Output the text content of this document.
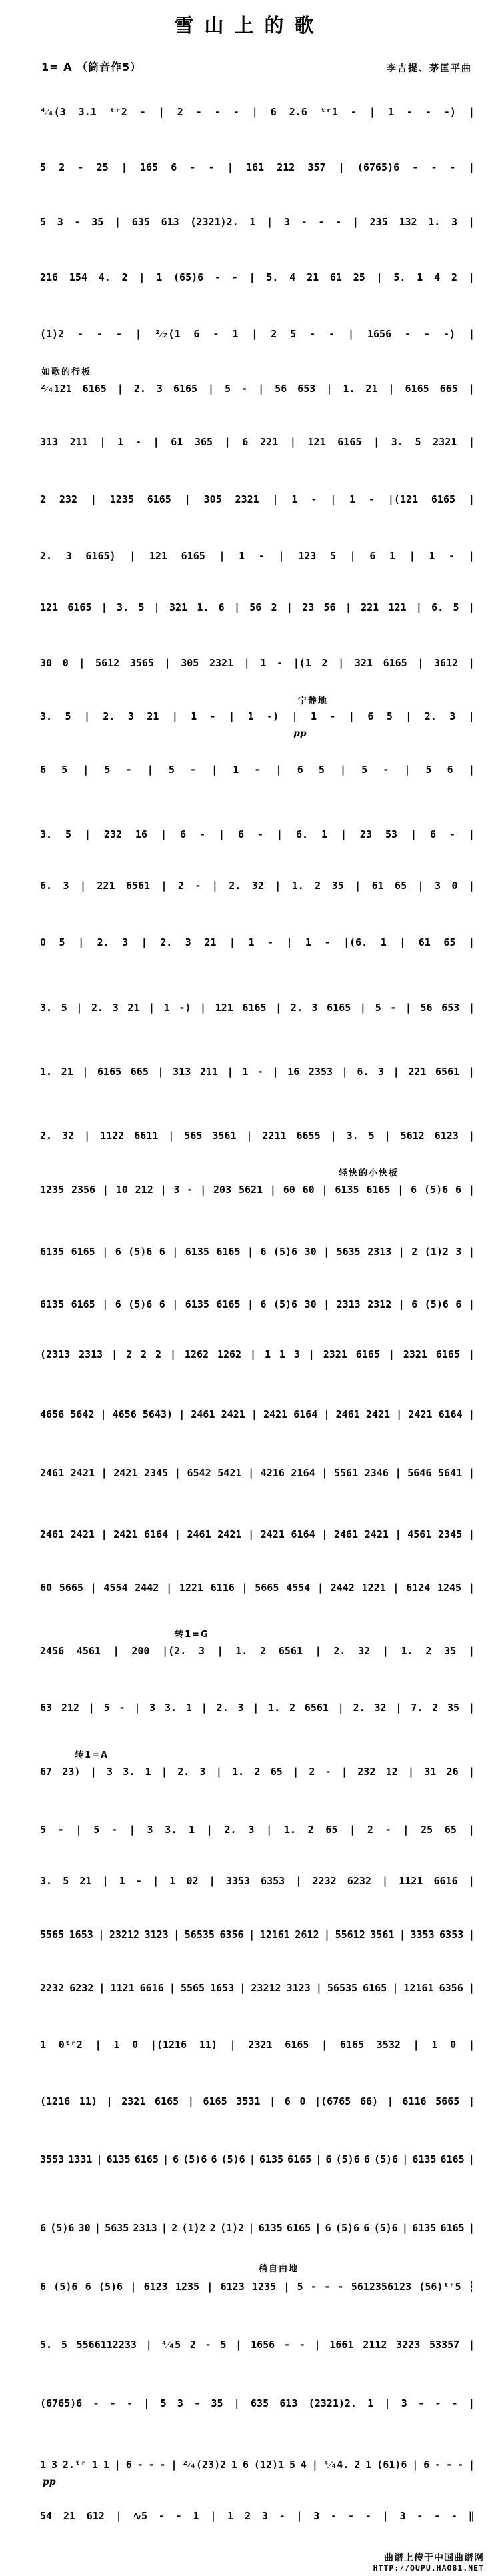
雪山上的歌
1= A （筒音作5）	李吉提、茅匡平曲
⁴⁄₄(3 3.1 ᵗʳ2 - | 2 - - - | 6 2.6 ᵗʳ1 - | 1 - - -) |
5 2 - 25 | 165 6 - - | 161 212 357 | (6765)6 - - - |
5 3 - 35 | 635 613 (2321)2. 1 | 3 - - - | 235 132 1. 3 |
216 154 4. 2 | 1 (65)6 - - | 5. 4 21 61 25 | 5. 1 4 2 |
(1)2 - - - | ²⁄₂(1 6 - 1 | 2 5 - - | 1656 - - -) |
²⁄₄121 6165 | 2. 3 6165 | 5 - | 56 653 | 1. 21 | 6165 665 |
如歌的行板
313 211 | 1 - | 61 365 | 6 221 | 121 6165 | 3. 5 2321 |
2 232 | 1235 6165 | 305 2321 | 1 - | 1 - |(121 6165 |
2. 3 6165) | 121 6165 | 1 - | 123 5 | 6 1 | 1 - |
121 6165 | 3. 5 | 321 1. 6 | 56 2 | 23 56 | 221 121 | 6. 5 |
30 0 | 5612 3565 | 305 2321 | 1 - |(1 2 | 321 6165 | 3612 |
3. 5 | 2. 3 21 | 1 - | 1 -) | 1 - | 6 5 | 2. 3 |
宁静地
pp
6 5 | 5 - | 5 - | 1 - | 6 5 | 5 - | 5 6 |
3. 5 | 232 16 | 6 - | 6 - | 6. 1 | 23 53 | 6 - |
6. 3 | 221 6561 | 2 - | 2. 32 | 1. 2 35 | 61 65 | 3 0 |
0 5 | 2. 3 | 2. 3 21 | 1 - | 1 - |(6. 1 | 61 65 |
3. 5 | 2. 3 21 | 1 -) | 121 6165 | 2. 3 6165 | 5 - | 56 653 |
1. 21 | 6165 665 | 313 211 | 1 - | 16 2353 | 6. 3 | 221 6561 |
2. 32 | 1122 6611 | 565 3561 | 2211 6655 | 3. 5 | 5612 6123 |
1235 2356 | 10 212 | 3 - | 203 5621 | 60 60 | 6135 6165 | 6 (5)6 6 |
轻快的小快板
6135 6165 | 6 (5)6 6 | 6135 6165 | 6 (5)6 30 | 5635 2313 | 2 (1)2 3 |
6135 6165 | 6 (5)6 6 | 6135 6165 | 6 (5)6 30 | 2313 2312 | 6 (5)6 6 |
(2313 2313 | 2 2 2 | 1262 1262 | 1 1 3 | 2321 6165 | 2321 6165 |
4656 5642 | 4656 5643) | 2461 2421 | 2421 6164 | 2461 2421 | 2421 6164 |
2461 2421 | 2421 2345 | 6542 5421 | 4216 2164 | 5561 2346 | 5646 5641 |
2461 2421 | 2421 6164 | 2461 2421 | 2421 6164 | 2461 2421 | 4561 2345 |
60 5665 | 4554 2442 | 1221 6116 | 5665 4554 | 2442 1221 | 6124 1245 |
2456 4561 | 200 |(2. 3 | 1. 2 6561 | 2. 32 | 1. 2 35 |
转1=G
63 212 | 5 - | 3 3. 1 | 2. 3 | 1. 2 6561 | 2. 32 | 7. 2 35 |
67 23) | 3 3. 1 | 2. 3 | 1. 2 65 | 2 - | 232 12 | 31 26 |
转1=A
5 - | 5 - | 3 3. 1 | 2. 3 | 1. 2 65 | 2 - | 25 65 |
3. 5 21 | 1 - | 1 02 | 3353 6353 | 2232 6232 | 1121 6616 |
5565 1653 | 23212 3123 | 56535 6356 | 12161 2612 | 55612 3561 | 3353 6353 |
2232 6232 | 1121 6616 | 5565 1653 | 23212 3123 | 56535 6165 | 12161 6356 |
1 0ᵗʳ2 | 1 0 |(1216 11) | 2321 6165 | 6165 3532 | 1 0 |
(1216 11) | 2321 6165 | 6165 3531 | 6 0 |(6765 66) | 6116 5665 |
3553 1331 | 6135 6165 | 6 (5)6 6 (5)6 | 6135 6165 | 6 (5)6 6 (5)6 | 6135 6165 |
6 (5)6 30 | 5635 2313 | 2 (1)2 2 (1)2 | 6135 6165 | 6 (5)6 6 (5)6 | 6135 6165 |
6 (5)6 6 (5)6 | 6123 1235 | 6123 1235 | 5 - - - 5612356123 (56)ᵗʳ5 ┆
稍自由地
5. 5 5566112233 | ⁴⁄₄5 2 - 5 | 1656 - - | 1661 2112 3223 53357 |
(6765)6 - - - | 5 3 - 35 | 635 613 (2321)2. 1 | 3 - - - |
1 3 2.ᵗʳ 1 1 | 6 - - - | ²⁄₄(23)2 1 6 (12)1 5 4 | ⁴⁄₄4. 2 1 (61)6 | 6 - - - |
pp
54 21 612 | ∿5 - - 1 | 1 2 3 - | 3 - - - | 3 - - - ‖
曲谱上传于中国曲谱网
HTTP://QUPU.HAO81.NET
